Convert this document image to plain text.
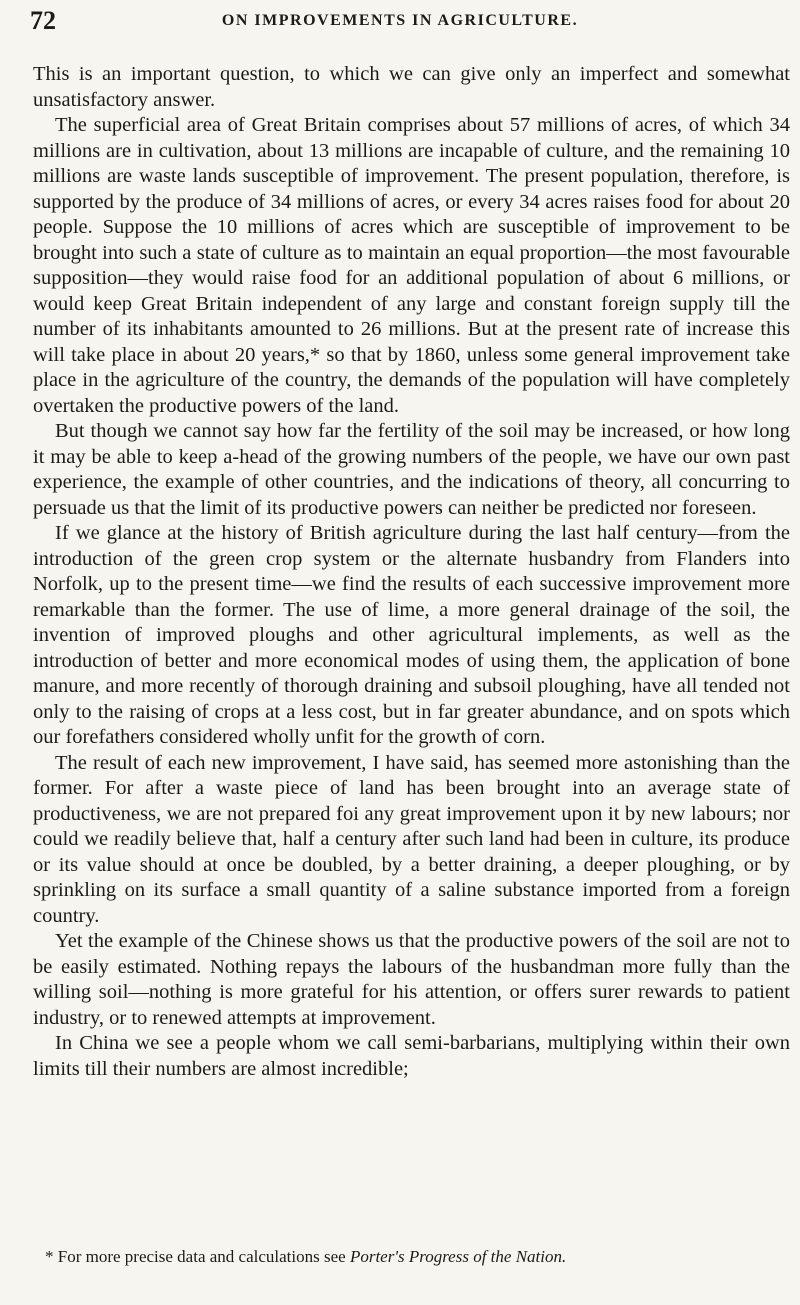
72	ON IMPROVEMENTS IN AGRICULTURE.

This is an important question, to which we can give only an imperfect and somewhat unsatisfactory answer.

The superficial area of Great Britain comprises about 57 millions of acres, of which 34 millions are in cultivation, about 13 millions are incapable of culture, and the remaining 10 millions are waste lands susceptible of improvement. The present population, therefore, is supported by the produce of 34 millions of acres, or every 34 acres raises food for about 20 people. Suppose the 10 millions of acres which are susceptible of improvement to be brought into such a state of culture as to maintain an equal proportion—the most favourable supposition—they would raise food for an additional population of about 6 millions, or would keep Great Britain independent of any large and constant foreign supply till the number of its inhabitants amounted to 26 millions. But at the present rate of increase this will take place in about 20 years,* so that by 1860, unless some general improvement take place in the agriculture of the country, the demands of the population will have completely overtaken the productive powers of the land.

But though we cannot say how far the fertility of the soil may be increased, or how long it may be able to keep a-head of the growing numbers of the people, we have our own past experience, the example of other countries, and the indications of theory, all concurring to persuade us that the limit of its productive powers can neither be predicted nor foreseen.

If we glance at the history of British agriculture during the last half century—from the introduction of the green crop system or the alternate husbandry from Flanders into Norfolk, up to the present time—we find the results of each successive improvement more remarkable than the former. The use of lime, a more general drainage of the soil, the invention of improved ploughs and other agricultural implements, as well as the introduction of better and more economical modes of using them, the application of bone manure, and more recently of thorough draining and subsoil ploughing, have all tended not only to the raising of crops at a less cost, but in far greater abundance, and on spots which our forefathers considered wholly unfit for the growth of corn.

The result of each new improvement, I have said, has seemed more astonishing than the former. For after a waste piece of land has been brought into an average state of productiveness, we are not prepared foi any great improvement upon it by new labours; nor could we readily believe that, half a century after such land had been in culture, its produce or its value should at once be doubled, by a better draining, a deeper ploughing, or by sprinkling on its surface a small quantity of a saline substance imported from a foreign country.

Yet the example of the Chinese shows us that the productive powers of the soil are not to be easily estimated. Nothing repays the labours of the husbandman more fully than the willing soil—nothing is more grateful for his attention, or offers surer rewards to patient industry, or to renewed attempts at improvement.

In China we see a people whom we call semi-barbarians, multiplying within their own limits till their numbers are almost incredible;

* For more precise data and calculations see Porter's Progress of the Nation.
